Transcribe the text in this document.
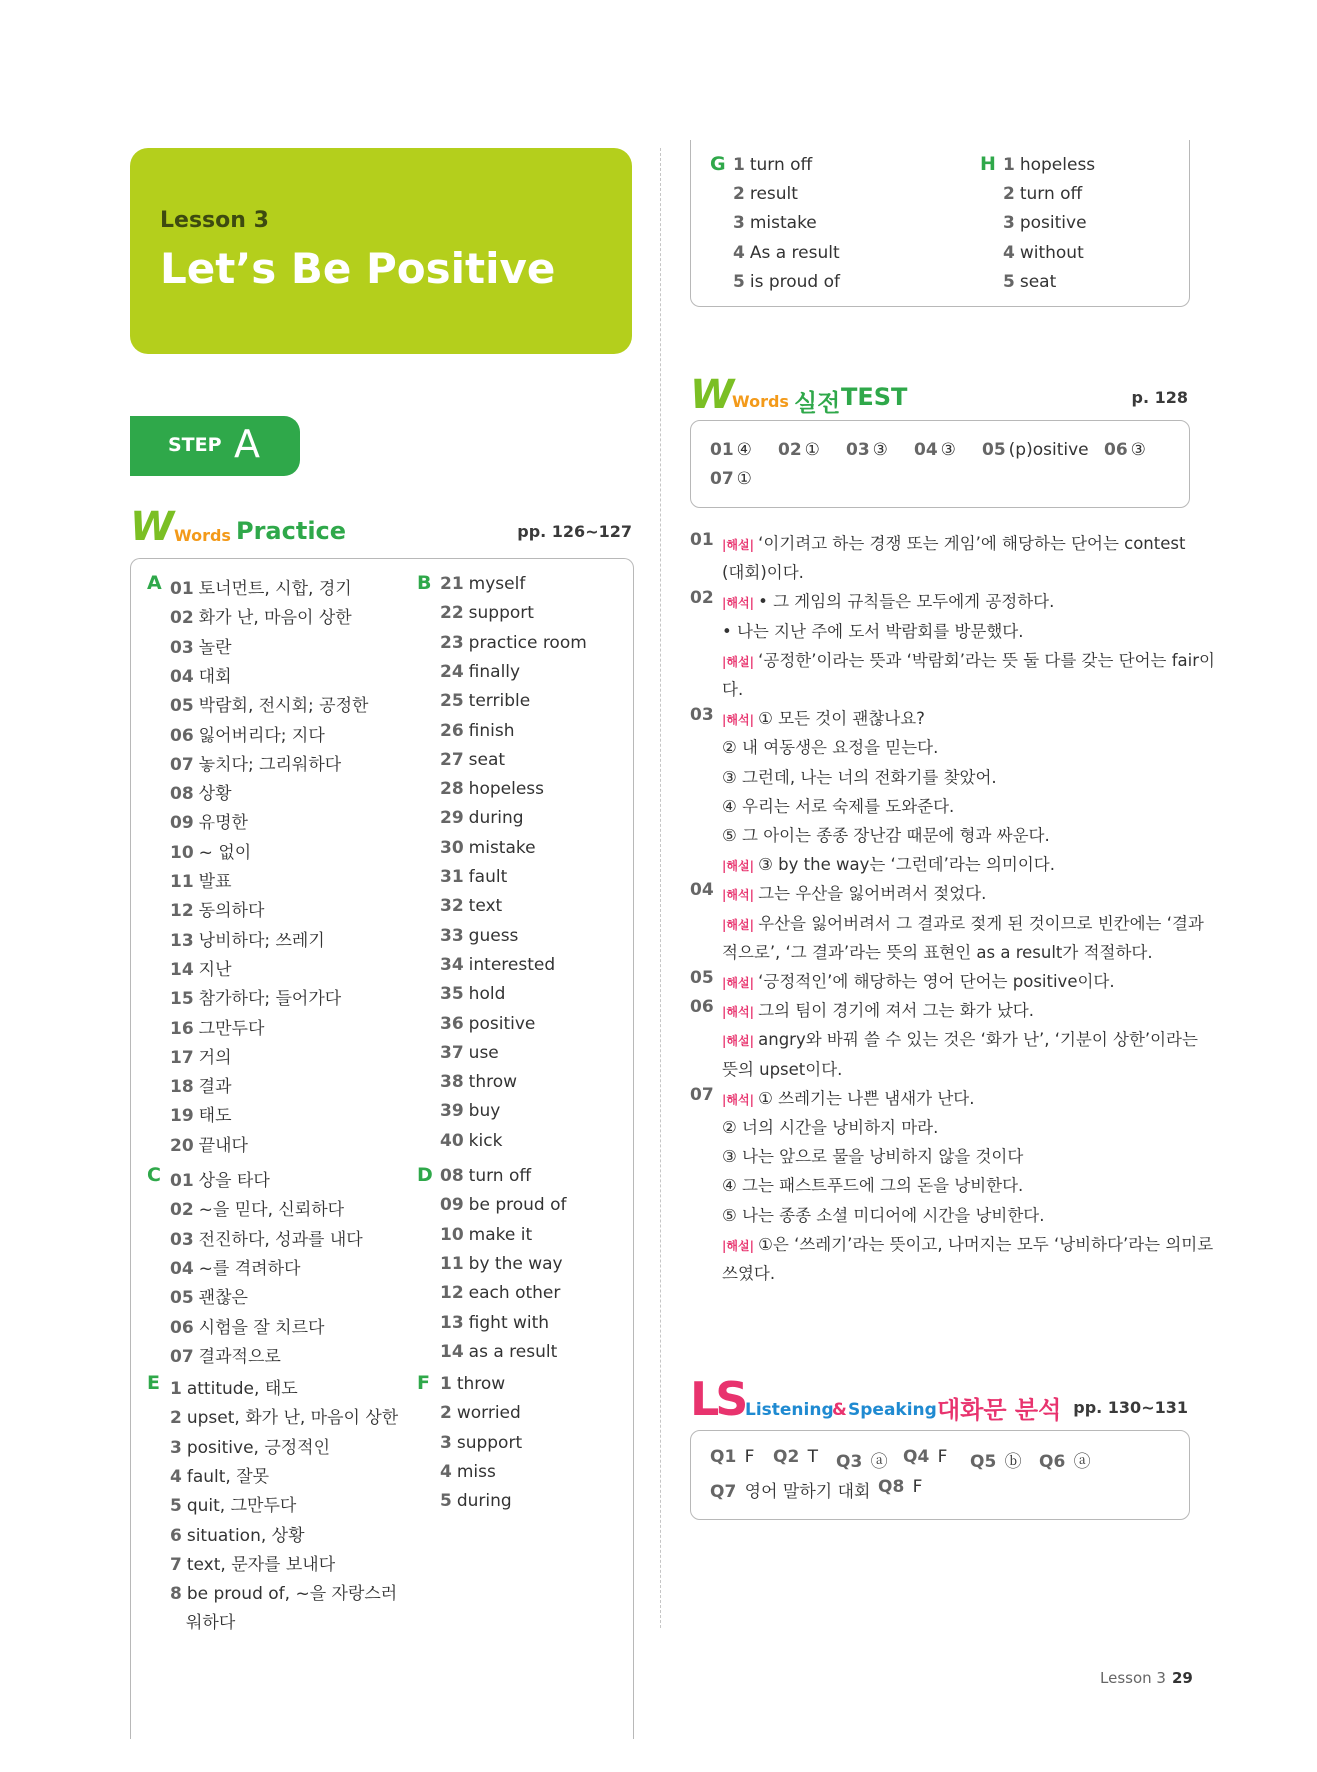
Lesson 3
Let’s Be Positive
STEP A
W Words Practice	pp. 126~127
A 01 토너먼트, 시합, 경기
02 화가 난, 마음이 상한
03 놀란
04 대회
05 박람회, 전시회; 공정한
06 잃어버리다; 지다
07 놓치다; 그리워하다
08 상황
09 유명한
10 ~ 없이
11 발표
12 동의하다
13 낭비하다; 쓰레기
14 지난
15 참가하다; 들어가다
16 그만두다
17 거의
18 결과
19 태도
20 끝내다
B 21 myself
22 support
23 practice room
24 finally
25 terrible
26 finish
27 seat
28 hopeless
29 during
30 mistake
31 fault
32 text
33 guess
34 interested
35 hold
36 positive
37 use
38 throw
39 buy
40 kick
C 01 상을 타다
02 ~을 믿다, 신뢰하다
03 전진하다, 성과를 내다
04 ~를 격려하다
05 괜찮은
06 시험을 잘 치르다
07 결과적으로
D 08 turn off
09 be proud of
10 make it
11 by the way
12 each other
13 fight with
14 as a result
E 1 attitude, 태도
2 upset, 화가 난, 마음이 상한
3 positive, 긍정적인
4 fault, 잘못
5 quit, 그만두다
6 situation, 상황
7 text, 문자를 보내다
8 be proud of, ~을 자랑스러
워하다
F 1 throw
2 worried
3 support
4 miss
5 during
G 1 turn off
2 result
3 mistake
4 As a result
5 is proud of
H 1 hopeless
2 turn off
3 positive
4 without
5 seat
W Words 실전 TEST	p. 128
01 ④ 02 ① 03 ③ 04 ③ 05 (p)ositive 06 ③
07 ①
01 |해설| ‘이기려고 하는 경쟁 또는 게임’에 해당하는 단어는 contest
(대회)이다.
02 |해석| • 그 게임의 규칙들은 모두에게 공정하다.
• 나는 지난 주에 도서 박람회를 방문했다.
|해설| ‘공정한’이라는 뜻과 ‘박람회’라는 뜻 둘 다를 갖는 단어는 fair이
다.
03 |해석| ① 모든 것이 괜찮나요?
② 내 여동생은 요정을 믿는다.
③ 그런데, 나는 너의 전화기를 찾았어.
④ 우리는 서로 숙제를 도와준다.
⑤ 그 아이는 종종 장난감 때문에 형과 싸운다.
|해설| ③ by the way는 ‘그런데’라는 의미이다.
04 |해석| 그는 우산을 잃어버려서 젖었다.
|해설| 우산을 잃어버려서 그 결과로 젖게 된 것이므로 빈칸에는 ‘결과
적으로’, ‘그 결과’라는 뜻의 표현인 as a result가 적절하다.
05 |해설| ‘긍정적인’에 해당하는 영어 단어는 positive이다.
06 |해석| 그의 팀이 경기에 져서 그는 화가 났다.
|해설| angry와 바꿔 쓸 수 있는 것은 ‘화가 난’, ‘기분이 상한’이라는
뜻의 upset이다.
07 |해석| ① 쓰레기는 나쁜 냄새가 난다.
② 너의 시간을 낭비하지 마라.
③ 나는 앞으로 물을 낭비하지 않을 것이다
④ 그는 패스트푸드에 그의 돈을 낭비한다.
⑤ 나는 종종 소셜 미디어에 시간을 낭비한다.
|해설| ①은 ‘쓰레기’라는 뜻이고, 나머지는 모두 ‘낭비하다’라는 의미로
쓰였다.
LS Listening
& Speaking 대화문 분석 pp. 130~131
Q1 F Q2 T Q3 ⓐ Q4 F Q5 ⓑ Q6 ⓐ
Q7 영어 말하기 대회 Q8 F
Lesson 3 29
